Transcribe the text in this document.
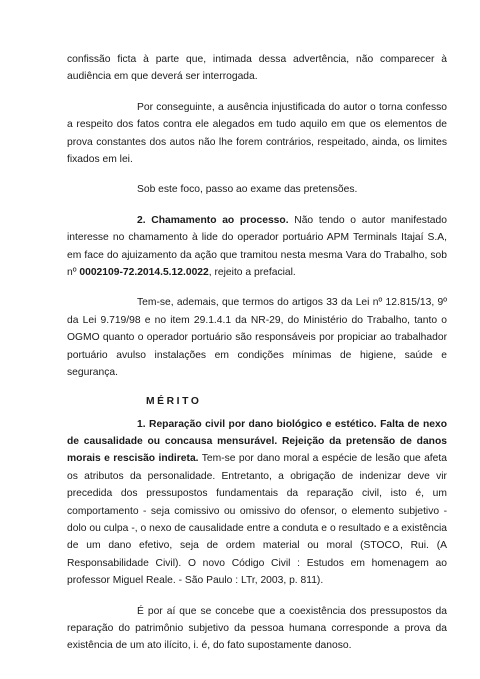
confissão ficta à parte que, intimada dessa advertência, não comparecer à audiência em que deverá ser interrogada.

Por conseguinte, a ausência injustificada do autor o torna confesso a respeito dos fatos contra ele alegados em tudo aquilo em que os elementos de prova constantes dos autos não lhe forem contrários, respeitado, ainda, os limites fixados em lei.

Sob este foco, passo ao exame das pretensões.

2. Chamamento ao processo. Não tendo o autor manifestado interesse no chamamento à lide do operador portuário APM Terminals Itajaí S.A, em face do ajuizamento da ação que tramitou nesta mesma Vara do Trabalho, sob nº 0002109-72.2014.5.12.0022, rejeito a prefacial.

Tem-se, ademais, que termos do artigos 33 da Lei nº 12.815/13, 9º da Lei 9.719/98 e no item 29.1.4.1 da NR-29, do Ministério do Trabalho, tanto o OGMO quanto o operador portuário são responsáveis por propiciar ao trabalhador portuário avulso instalações em condições mínimas de higiene, saúde e segurança.

MÉRITO

1. Reparação civil por dano biológico e estético. Falta de nexo de causalidade ou concausa mensurável. Rejeição da pretensão de danos morais e rescisão indireta. Tem-se por dano moral a espécie de lesão que afeta os atributos da personalidade. Entretanto, a obrigação de indenizar deve vir precedida dos pressupostos fundamentais da reparação civil, isto é, um comportamento - seja comissivo ou omissivo do ofensor, o elemento subjetivo - dolo ou culpa -, o nexo de causalidade entre a conduta e o resultado e a existência de um dano efetivo, seja de ordem material ou moral (STOCO, Rui. (A Responsabilidade Civil). O novo Código Civil : Estudos em homenagem ao professor Miguel Reale. - São Paulo : LTr, 2003, p. 811).

É por aí que se concebe que a coexistência dos pressupostos da reparação do patrimônio subjetivo da pessoa humana corresponde a prova da existência de um ato ilícito, i. é, do fato supostamente danoso.
